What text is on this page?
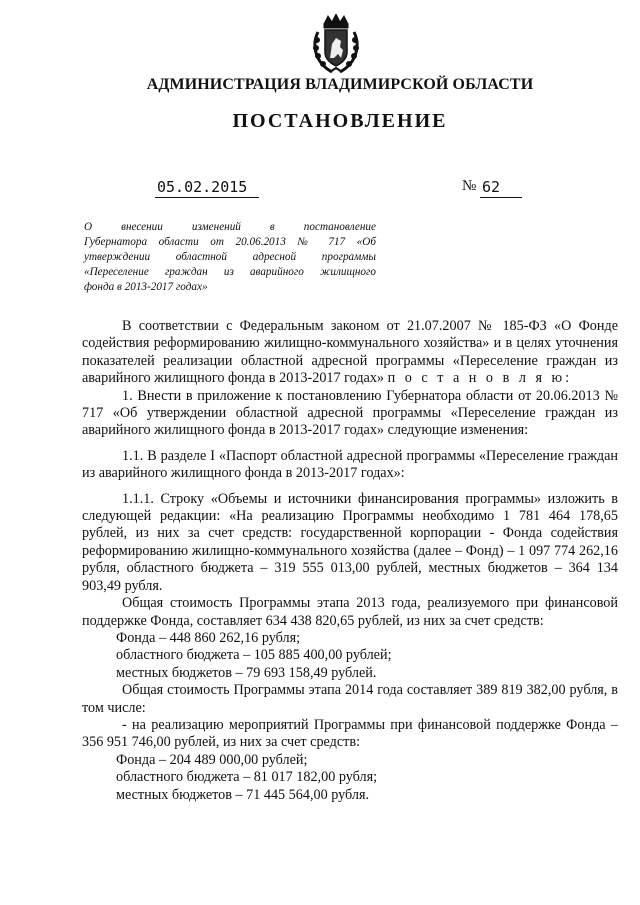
АДМИНИСТРАЦИЯ ВЛАДИМИРСКОЙ ОБЛАСТИ
ПОСТАНОВЛЕНИЕ
05.02.2015	№ 62
О внесении изменений в постановление
Губернатора области от 20.06.2013 № 717 «Об
утверждении областной адресной программы
«Переселение граждан из аварийного жилищного
фонда в 2013-2017 годах»

В соответствии с Федеральным законом от 21.07.2007 № 185-ФЗ «О Фонде содействия реформированию жилищно-коммунального хозяйства» и в целях уточнения показателей реализации областной адресной программы «Переселение граждан из аварийного жилищного фонда в 2013-2017 годах» п о с т а н о в л я ю:

1. Внести в приложение к постановлению Губернатора области от 20.06.2013 № 717 «Об утверждении областной адресной программы «Переселение граждан из аварийного жилищного фонда в 2013-2017 годах» следующие изменения:

1.1. В разделе I «Паспорт областной адресной программы «Переселение граждан из аварийного жилищного фонда в 2013-2017 годах»:

1.1.1. Строку «Объемы и источники финансирования программы» изложить в следующей редакции: «На реализацию Программы необходимо 1 781 464 178,65 рублей, из них за счет средств: государственной корпорации - Фонда содействия реформированию жилищно-коммунального хозяйства (далее – Фонд) – 1 097 774 262,16 рубля, областного бюджета – 319 555 013,00 рублей, местных бюджетов – 364 134 903,49 рубля.

Общая стоимость Программы этапа 2013 года, реализуемого при финансовой поддержке Фонда, составляет 634 438 820,65 рублей, из них за счет средств:

Фонда – 448 860 262,16 рубля;

областного бюджета – 105 885 400,00 рублей;

местных бюджетов – 79 693 158,49 рублей.

Общая стоимость Программы этапа 2014 года составляет 389 819 382,00 рубля, в том числе:

- на реализацию мероприятий Программы при финансовой поддержке Фонда – 356 951 746,00 рублей, из них за счет средств:

Фонда – 204 489 000,00 рублей;

областного бюджета – 81 017 182,00 рубля;

местных бюджетов – 71 445 564,00 рубля.
